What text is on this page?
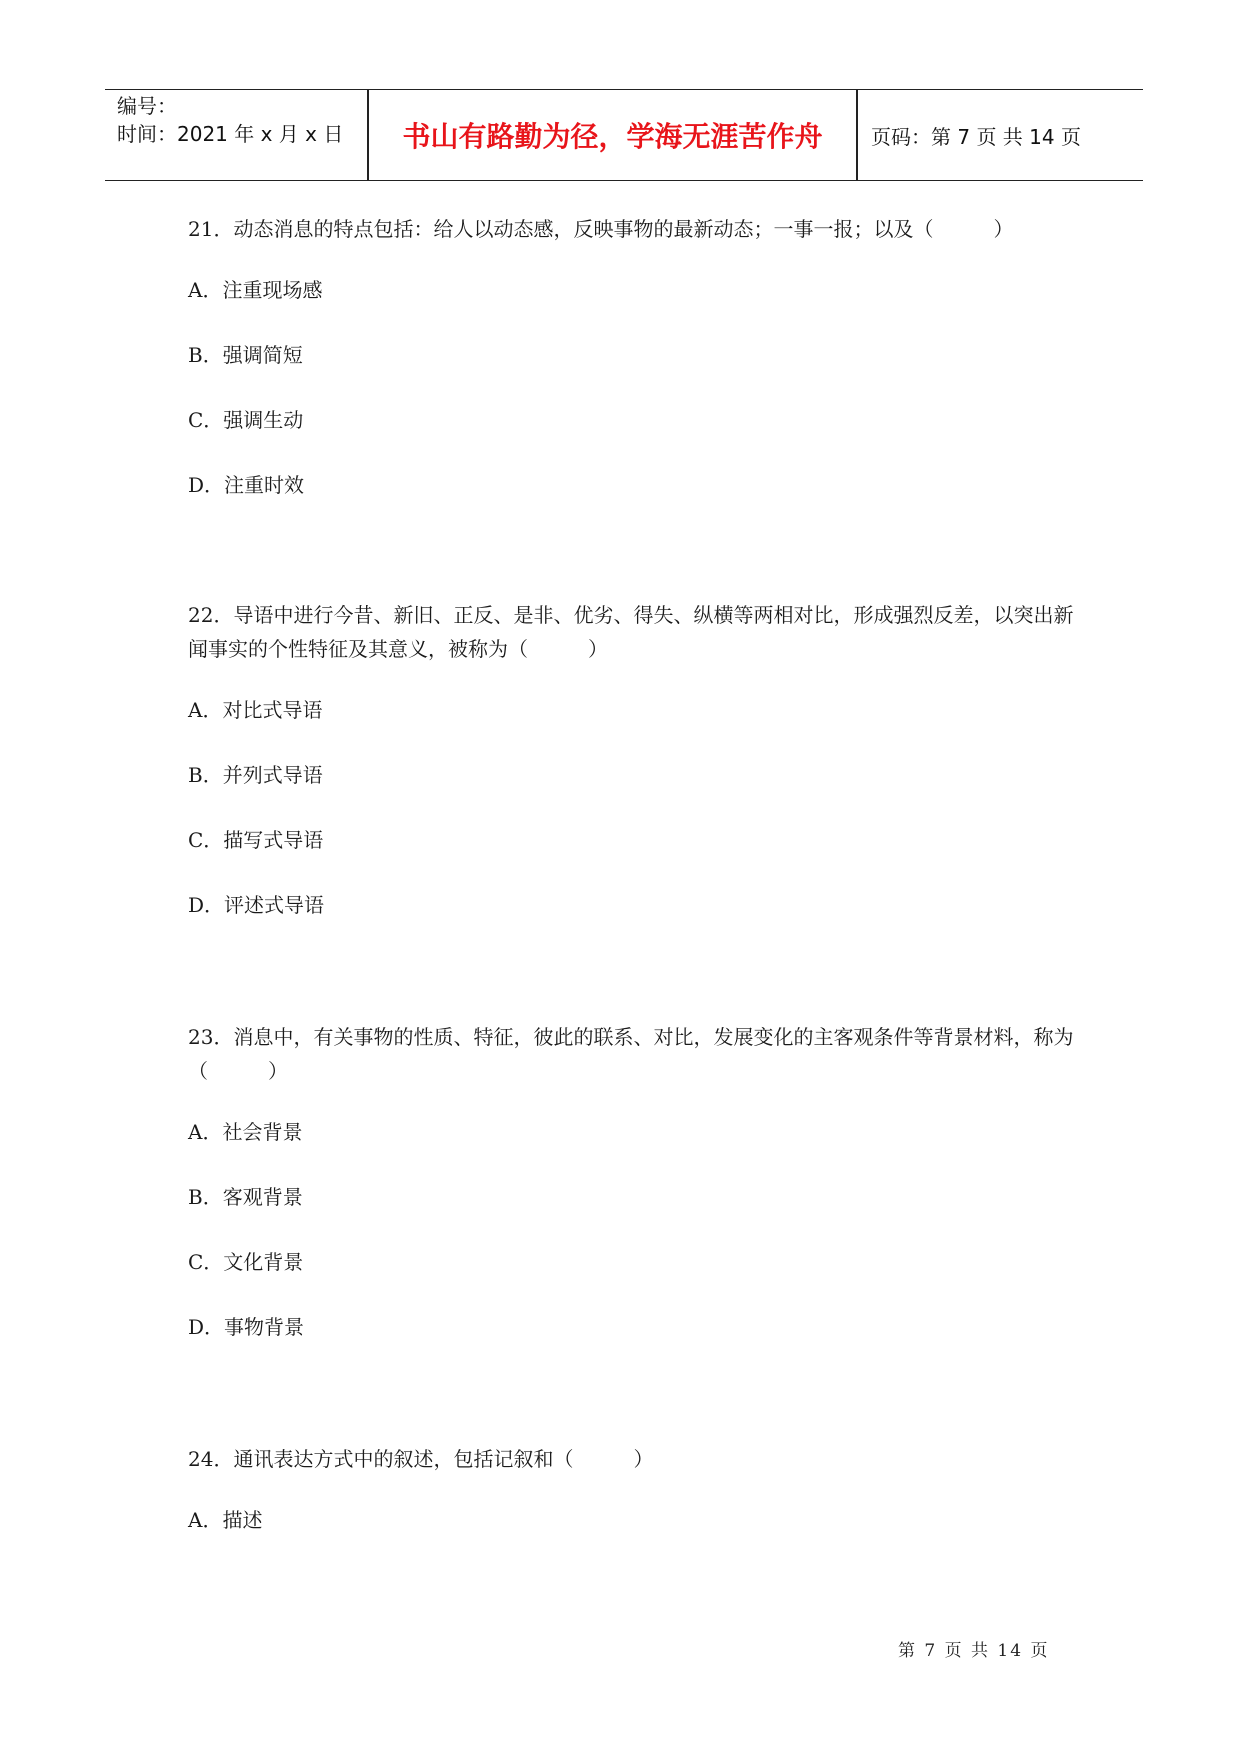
编号：
时间：2021 年 x 月 x 日	书山有路勤为径，学海无涯苦作舟	页码：第 7 页 共 14 页

21．动态消息的特点包括：给人以动态感，反映事物的最新动态；一事一报；以及（　　　）

A．注重现场感

B．强调简短

C．强调生动

D．注重时效

22．导语中进行今昔、新旧、正反、是非、优劣、得失、纵横等两相对比，形成强烈反差，以突出新闻事实的个性特征及其意义，被称为（　　　）

A．对比式导语

B．并列式导语

C．描写式导语

D．评述式导语

23．消息中，有关事物的性质、特征，彼此的联系、对比，发展变化的主客观条件等背景材料，称为（　　　）

A．社会背景

B．客观背景

C．文化背景

D．事物背景

24．通讯表达方式中的叙述，包括记叙和（　　　）

A．描述

第 7 页 共 14 页
